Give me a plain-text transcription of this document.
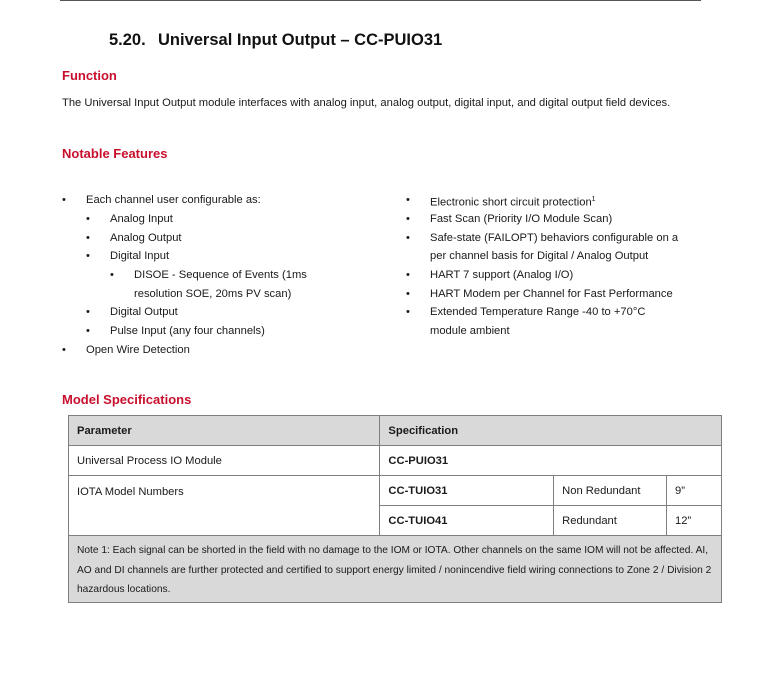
5.20. Universal Input Output – CC-PUIO31
Function
The Universal Input Output module interfaces with analog input, analog output, digital input, and digital output field devices.
Notable Features
• Each channel user configurable as:
• Analog Input
• Analog Output
• Digital Input
• DISOE - Sequence of Events (1ms
resolution SOE, 20ms PV scan)
• Digital Output
• Pulse Input (any four channels)
• Open Wire Detection
• Electronic short circuit protection$^1$
• Fast Scan (Priority I/O Module Scan)
• Safe-state (FAILOPT) behaviors configurable on a
per channel basis for Digital / Analog Output
• HART 7 support (Analog I/O)
• HART Modem per Channel for Fast Performance
• Extended Temperature Range -40 to +70°C
module ambient
Model Specifications
Parameter	Specification		
Universal Process IO Module	CC-PUIO31		
IOTA Model Numbers	CC-TUIO31	Non Redundant	9”
	CC-TUIO41	Redundant	12”
Note 1: Each signal can be shorted in the field with no damage to the IOM or IOTA. Other channels on the same IOM will not be affected. AI, AO and DI channels are further protected and certified to support energy limited / nonincendive field wiring connections to Zone 2 / Division 2 hazardous locations.			
